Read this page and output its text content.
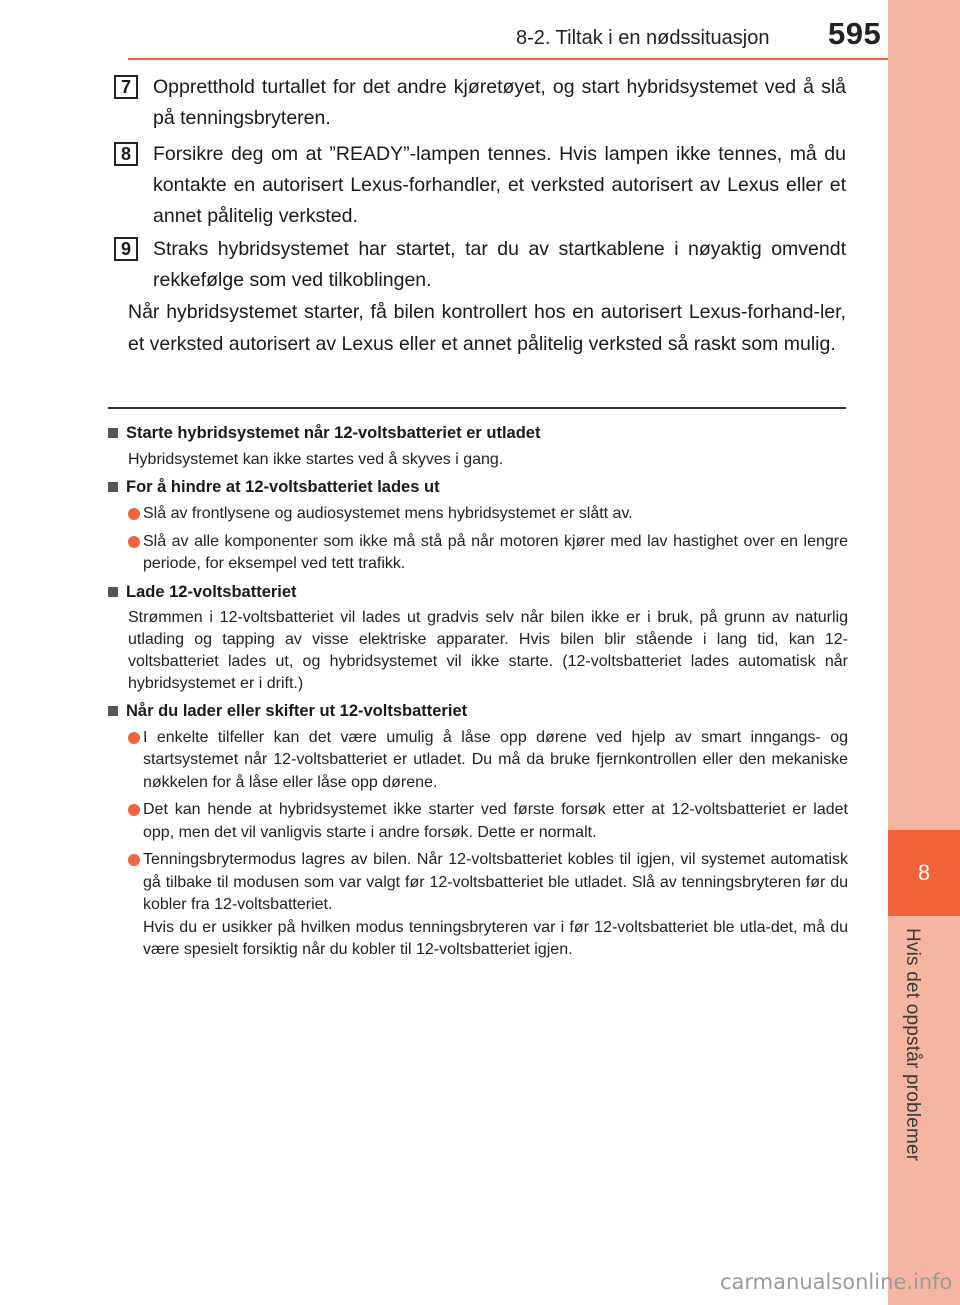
8
Hvis det oppstår problemer
8-2. Tiltak i en nødssituasjon 595
7	Oppretthold turtallet for det andre kjøretøyet, og start hybridsystemet ved å slå på tenningsbryteren.
8	Forsikre deg om at ”READY”-lampen tennes. Hvis lampen ikke tennes, må du kontakte en autorisert Lexus-forhandler, et verksted autorisert av Lexus eller et annet pålitelig verksted.
9	Straks hybridsystemet har startet, tar du av startkablene i nøyaktig omvendt rekkefølge som ved tilkoblingen.
Når hybridsystemet starter, få bilen kontrollert hos en autorisert Lexus-forhand-ler, et verksted autorisert av Lexus eller et annet pålitelig verksted så raskt som mulig.
Starte hybridsystemet når 12-voltsbatteriet er utladet
Hybridsystemet kan ikke startes ved å skyves i gang.
For å hindre at 12-voltsbatteriet lades ut
Slå av frontlysene og audiosystemet mens hybridsystemet er slått av.
Slå av alle komponenter som ikke må stå på når motoren kjører med lav hastighet over en lengre periode, for eksempel ved tett trafikk.
Lade 12-voltsbatteriet
Strømmen i 12-voltsbatteriet vil lades ut gradvis selv når bilen ikke er i bruk, på grunn av naturlig utlading og tapping av visse elektriske apparater. Hvis bilen blir stående i lang tid, kan 12-voltsbatteriet lades ut, og hybridsystemet vil ikke starte. (12-voltsbatteriet lades automatisk når hybridsystemet er i drift.)
Når du lader eller skifter ut 12-voltsbatteriet
I enkelte tilfeller kan det være umulig å låse opp dørene ved hjelp av smart inngangs- og startsystemet når 12-voltsbatteriet er utladet. Du må da bruke fjernkontrollen eller den mekaniske nøkkelen for å låse eller låse opp dørene.
Det kan hende at hybridsystemet ikke starter ved første forsøk etter at 12-voltsbatteriet er ladet opp, men det vil vanligvis starte i andre forsøk. Dette er normalt.
Tenningsbrytermodus lagres av bilen. Når 12-voltsbatteriet kobles til igjen, vil systemet automatisk gå tilbake til modusen som var valgt før 12-voltsbatteriet ble utladet. Slå av tenningsbryteren før du kobler fra 12-voltsbatteriet.
Hvis du er usikker på hvilken modus tenningsbryteren var i før 12-voltsbatteriet ble utla-det, må du være spesielt forsiktig når du kobler til 12-voltsbatteriet igjen.
carmanualsonline.info
